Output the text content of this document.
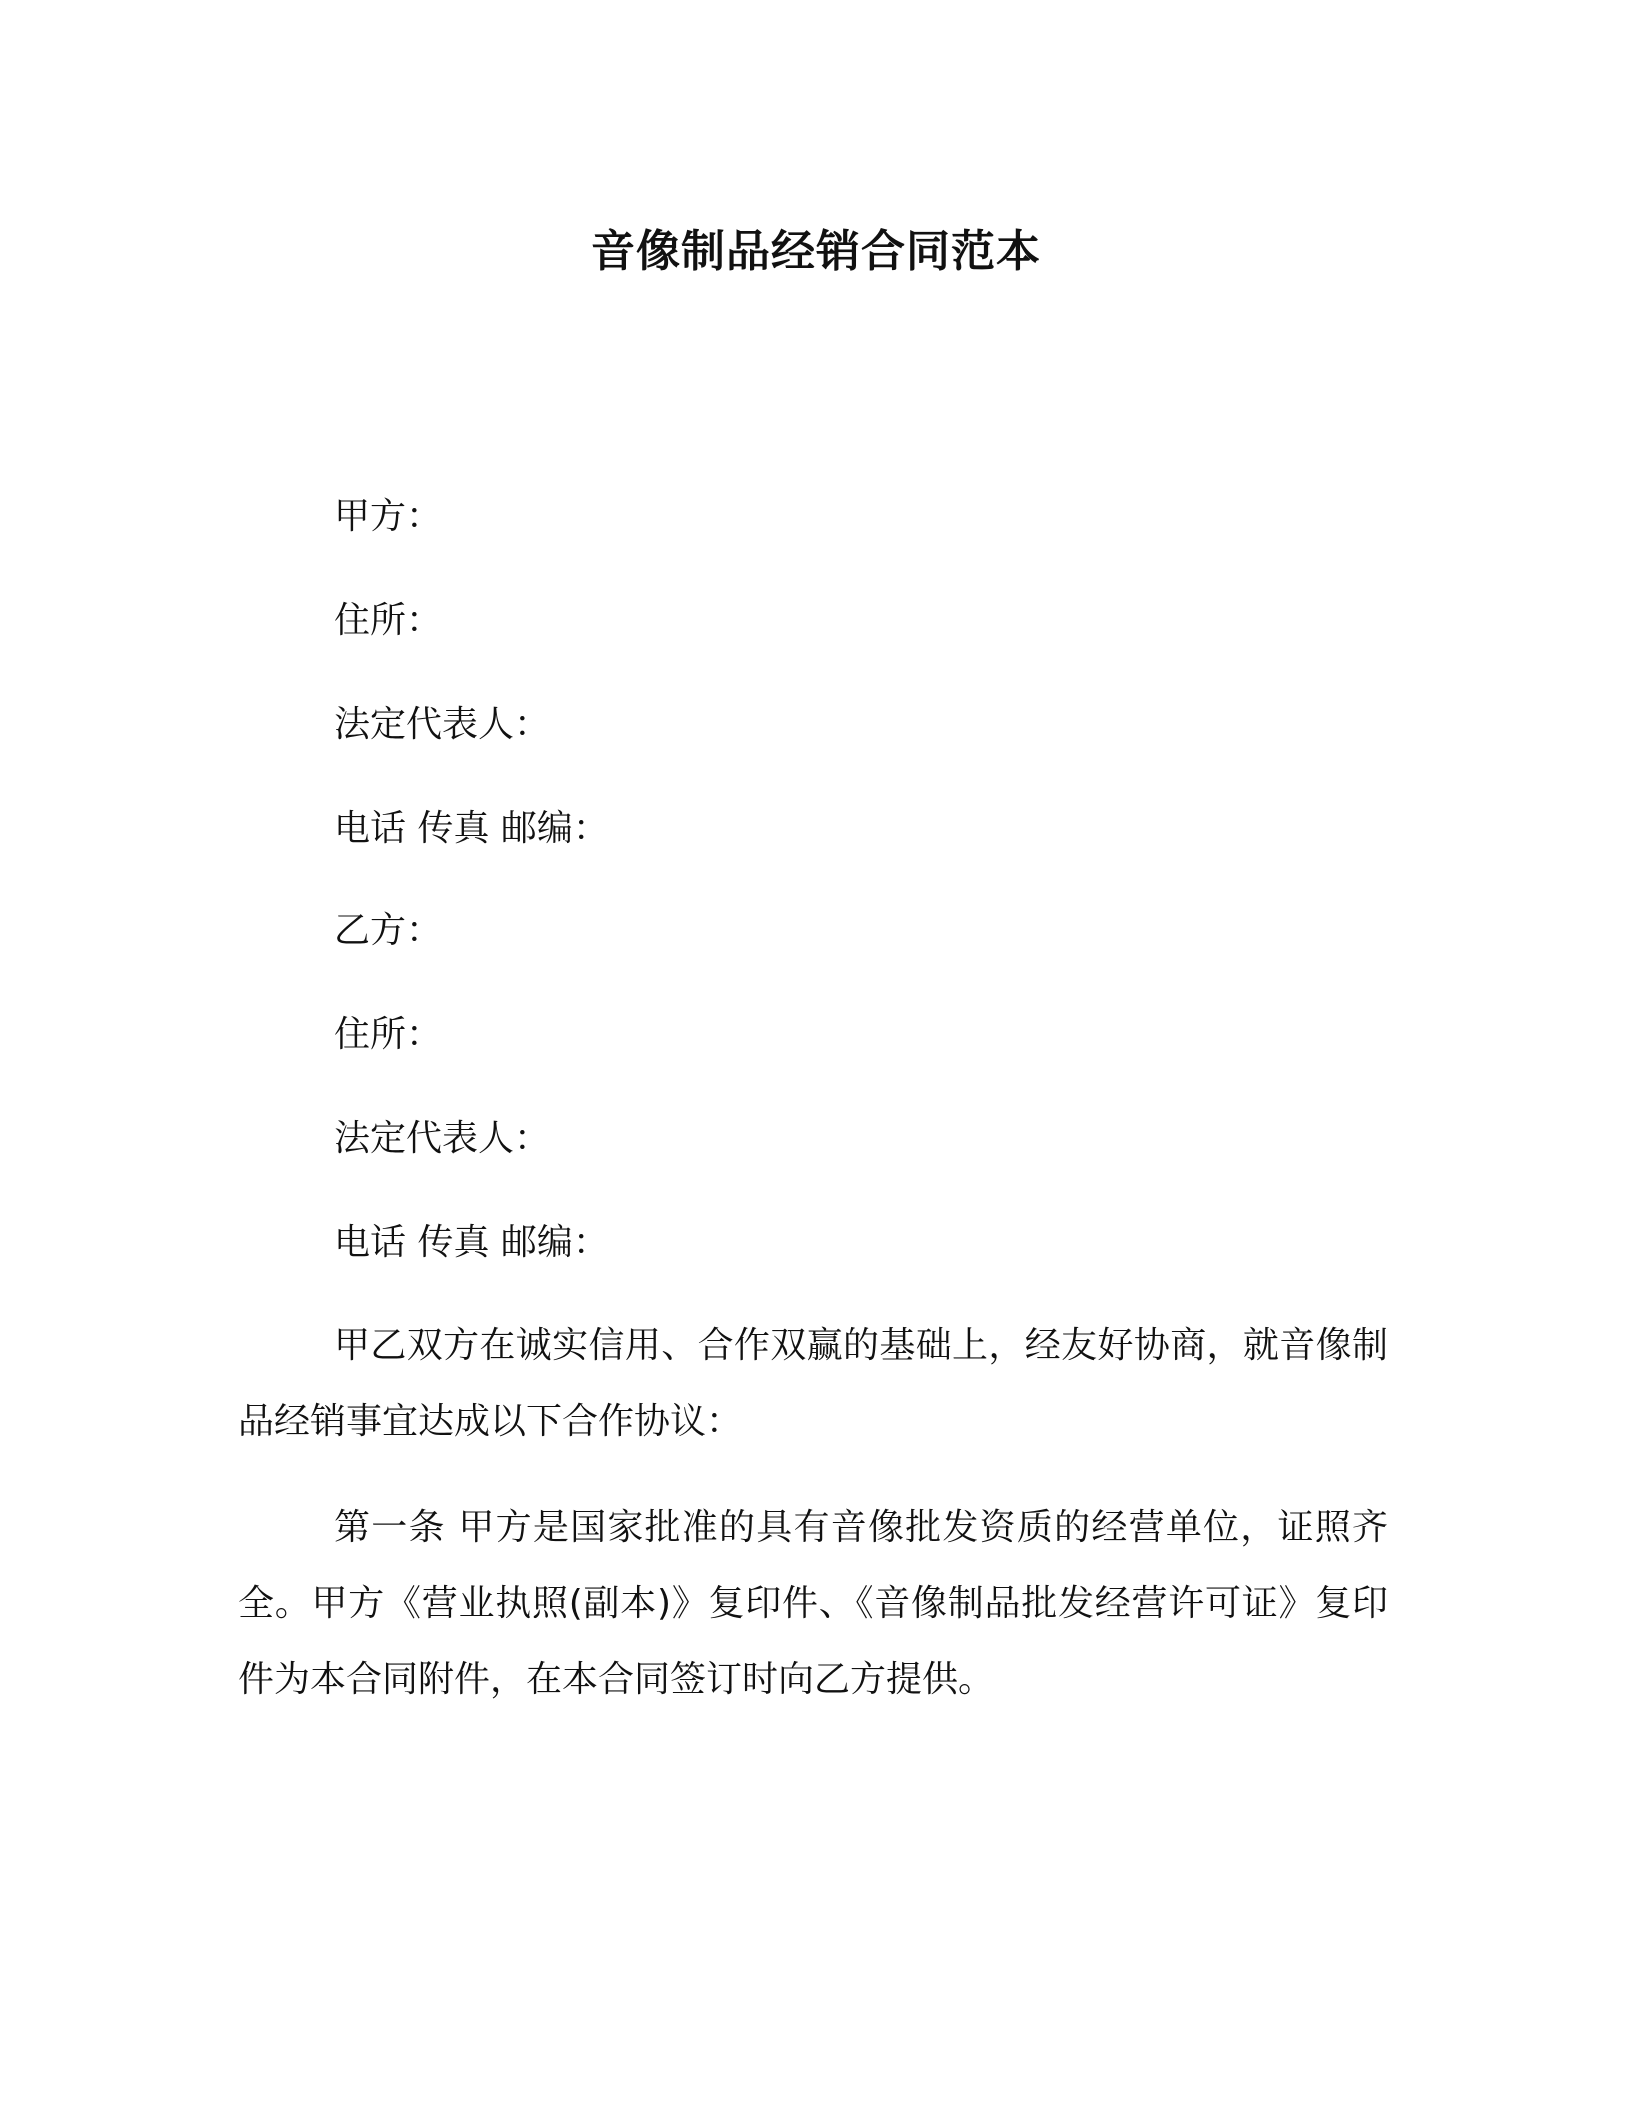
音像制品经销合同范本
甲方：
住所：
法定代表人：
电话 传真 邮编：
乙方：
住所：
法定代表人：
电话 传真 邮编：
甲乙双方在诚实信用、合作双赢的基础上，经友好协商，就音像制品经销事宜达成以下合作协议：
第一条 甲方是国家批准的具有音像批发资质的经营单位，证照齐全。甲方《营业执照(副本)》复印件、《音像制品批发经营许可证》复印件为本合同附件，在本合同签订时向乙方提供。
